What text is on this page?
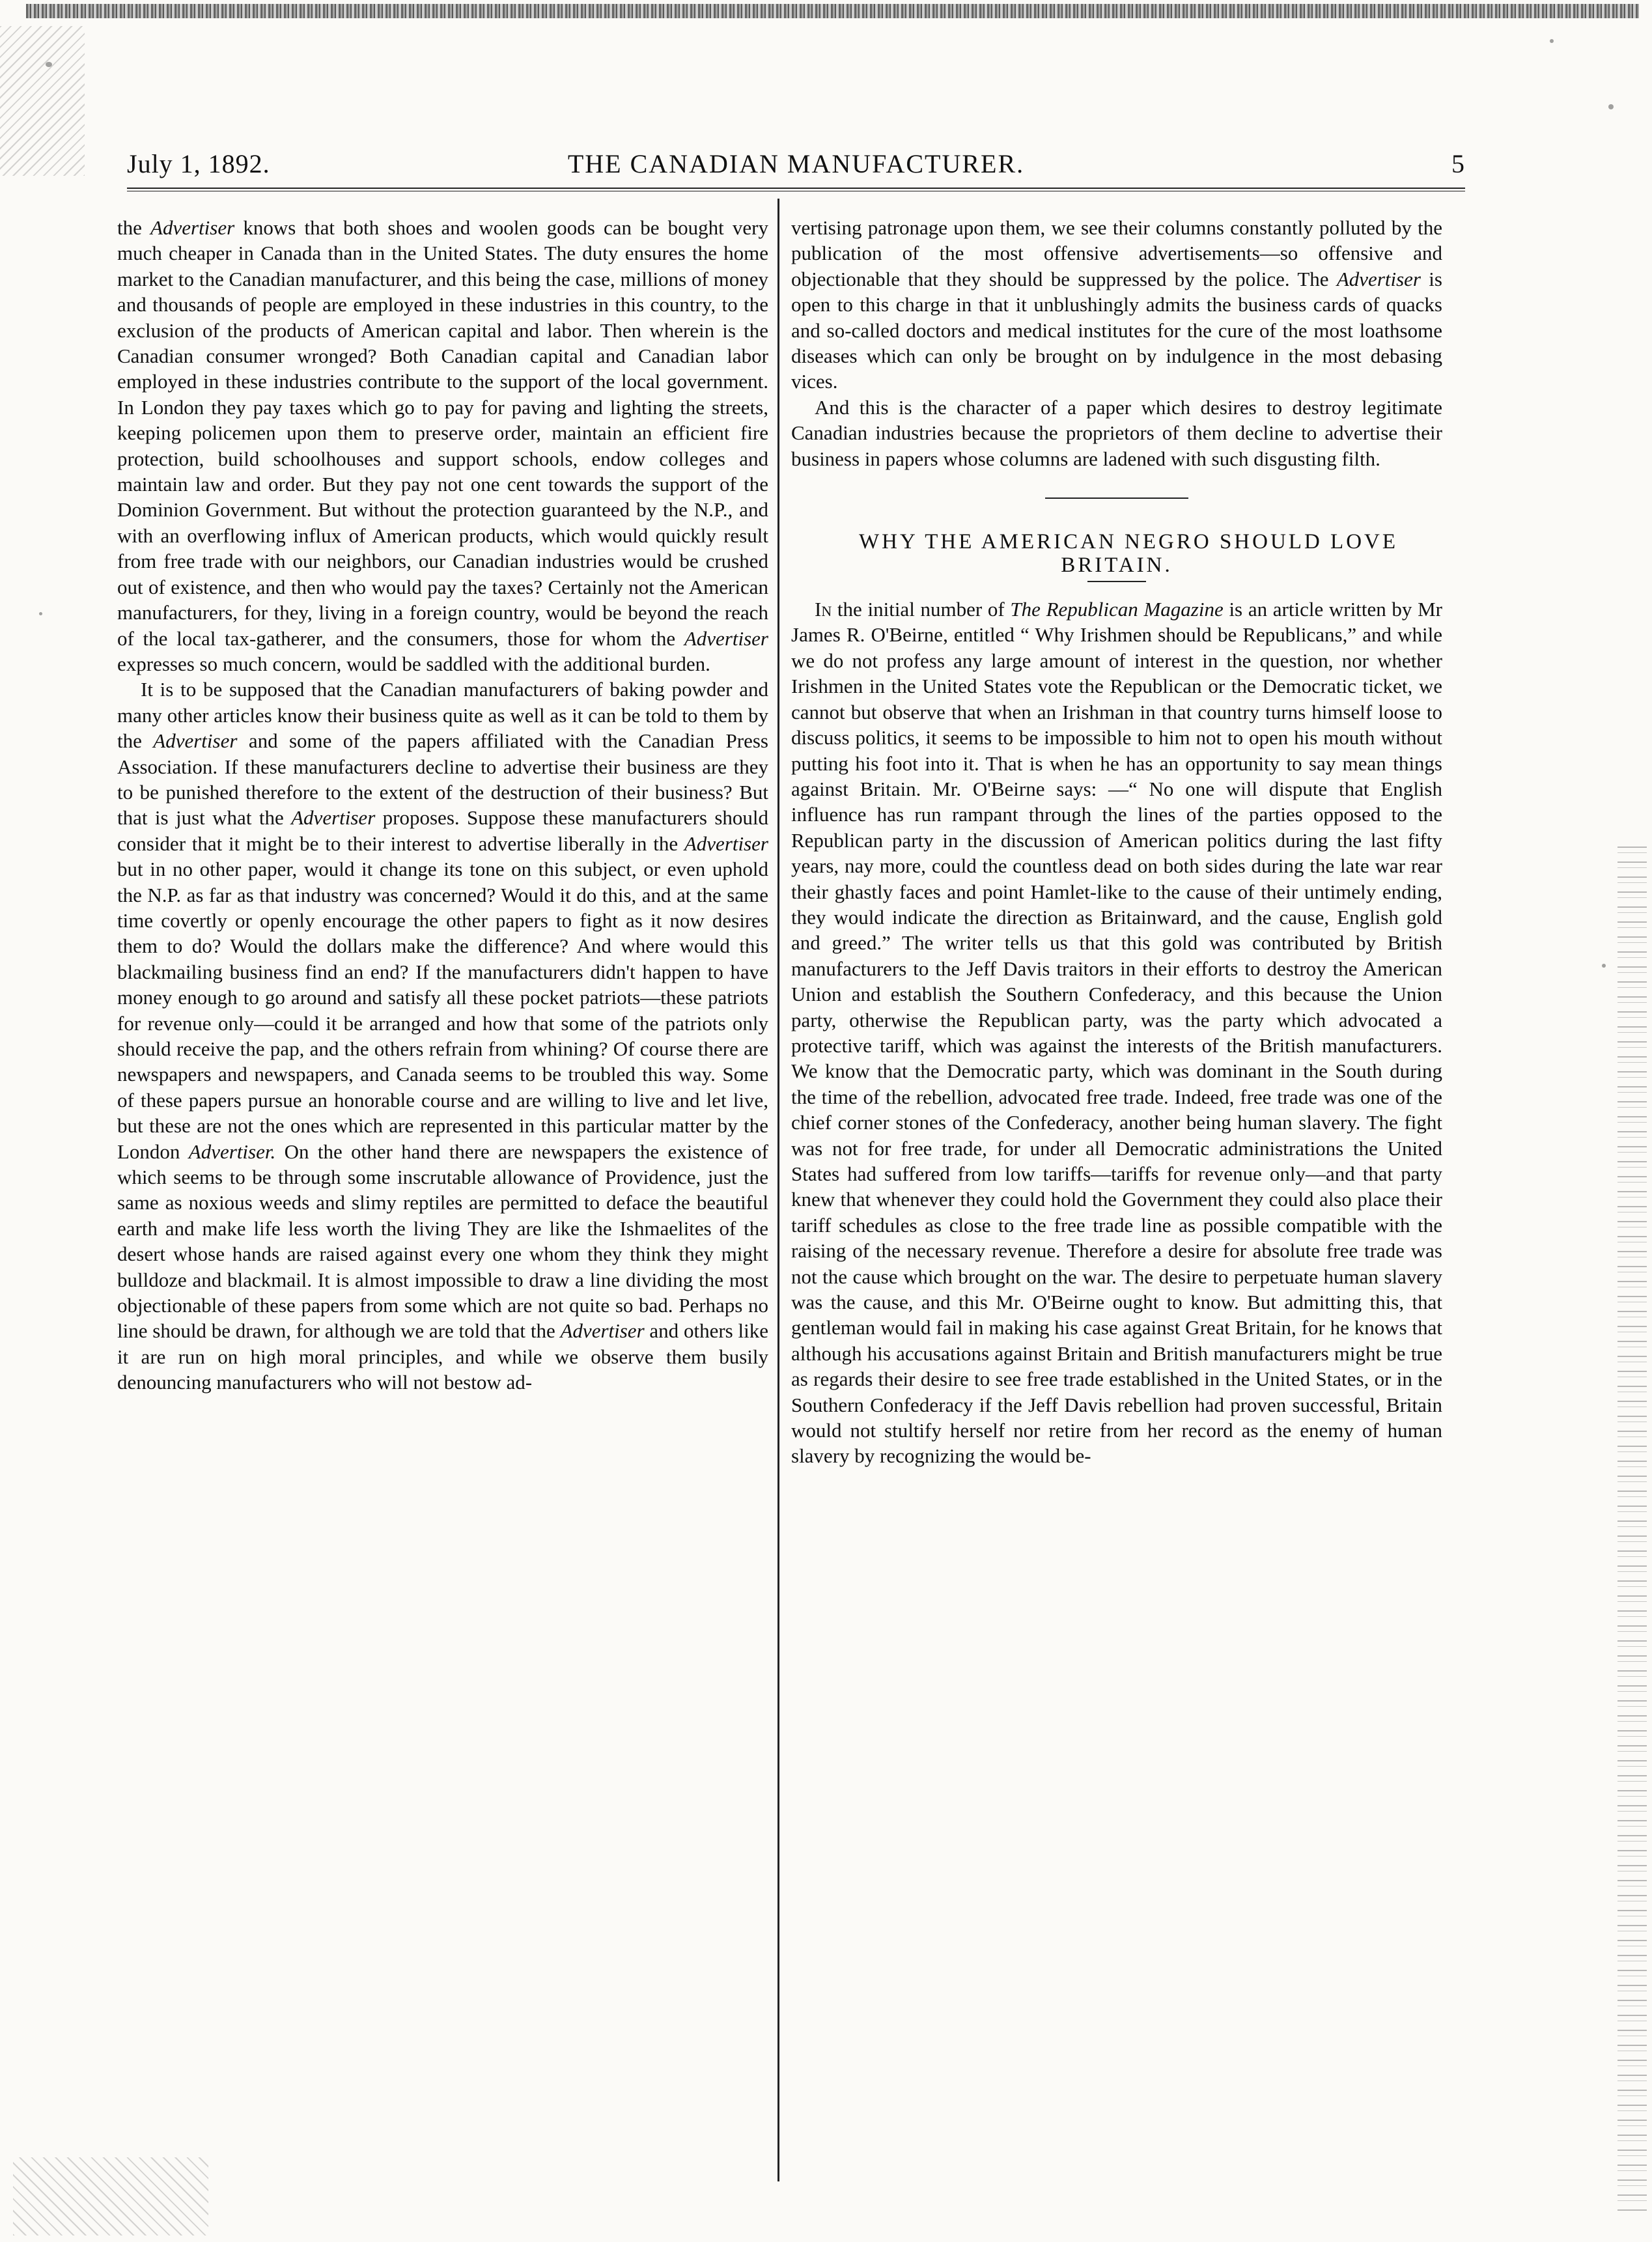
July 1, 1892.	THE CANADIAN MANUFACTURER.	5

the Advertiser knows that both shoes and woolen goods can be bought very much cheaper in Canada than in the United States. The duty ensures the home market to the Canadian manufacturer, and this being the case, millions of money and thousands of people are employed in these industries in this country, to the exclusion of the products of American capital and labor. Then wherein is the Canadian consumer wronged? Both Canadian capital and Canadian labor employed in these industries contribute to the support of the local government. In London they pay taxes which go to pay for paving and lighting the streets, keeping policemen upon them to preserve order, maintain an efficient fire protection, build schoolhouses and support schools, endow colleges and maintain law and order. But they pay not one cent towards the support of the Dominion Government. But without the protection guaranteed by the N.P., and with an overflowing influx of American products, which would quickly result from free trade with our neighbors, our Canadian industries would be crushed out of existence, and then who would pay the taxes? Certainly not the American manufacturers, for they, living in a foreign country, would be beyond the reach of the local tax-gatherer, and the consumers, those for whom the Advertiser expresses so much concern, would be saddled with the additional burden.

It is to be supposed that the Canadian manufacturers of baking powder and many other articles know their business quite as well as it can be told to them by the Advertiser and some of the papers affiliated with the Canadian Press Association. If these manufacturers decline to advertise their business are they to be punished therefore to the extent of the destruction of their business? But that is just what the Advertiser proposes. Suppose these manufacturers should consider that it might be to their interest to advertise liberally in the Advertiser but in no other paper, would it change its tone on this subject, or even uphold the N.P. as far as that industry was concerned? Would it do this, and at the same time covertly or openly encourage the other papers to fight as it now desires them to do? Would the dollars make the difference? And where would this blackmailing business find an end? If the manufacturers didn't happen to have money enough to go around and satisfy all these pocket patriots—these patriots for revenue only—could it be arranged and how that some of the patriots only should receive the pap, and the others refrain from whining? Of course there are newspapers and newspapers, and Canada seems to be troubled this way. Some of these papers pursue an honorable course and are willing to live and let live, but these are not the ones which are represented in this particular matter by the London Advertiser. On the other hand there are newspapers the existence of which seems to be through some inscrutable allowance of Providence, just the same as noxious weeds and slimy reptiles are permitted to deface the beautiful earth and make life less worth the living They are like the Ishmaelites of the desert whose hands are raised against every one whom they think they might bulldoze and blackmail. It is almost impossible to draw a line dividing the most objectionable of these papers from some which are not quite so bad. Perhaps no line should be drawn, for although we are told that the Advertiser and others like it are run on high moral principles, and while we observe them busily denouncing manufacturers who will not bestow ad-

vertising patronage upon them, we see their columns constantly polluted by the publication of the most offensive advertisements—so offensive and objectionable that they should be suppressed by the police. The Advertiser is open to this charge in that it unblushingly admits the business cards of quacks and so-called doctors and medical institutes for the cure of the most loathsome diseases which can only be brought on by indulgence in the most debasing vices.

And this is the character of a paper which desires to destroy legitimate Canadian industries because the proprietors of them decline to advertise their business in papers whose columns are ladened with such disgusting filth.

WHY THE AMERICAN NEGRO SHOULD LOVE
BRITAIN.

In the initial number of The Republican Magazine is an article written by Mr James R. O'Beirne, entitled “ Why Irishmen should be Republicans,” and while we do not profess any large amount of interest in the question, nor whether Irishmen in the United States vote the Republican or the Democratic ticket, we cannot but observe that when an Irishman in that country turns himself loose to discuss politics, it seems to be impossible to him not to open his mouth without putting his foot into it. That is when he has an opportunity to say mean things against Britain. Mr. O'Beirne says: —“ No one will dispute that English influence has run rampant through the lines of the parties opposed to the Republican party in the discussion of American politics during the last fifty years, nay more, could the countless dead on both sides during the late war rear their ghastly faces and point Hamlet-like to the cause of their untimely ending, they would indicate the direction as Britainward, and the cause, English gold and greed.” The writer tells us that this gold was contributed by British manufacturers to the Jeff Davis traitors in their efforts to destroy the American Union and establish the Southern Confederacy, and this because the Union party, otherwise the Republican party, was the party which advocated a protective tariff, which was against the interests of the British manufacturers. We know that the Democratic party, which was dominant in the South during the time of the rebellion, advocated free trade. Indeed, free trade was one of the chief corner stones of the Confederacy, another being human slavery. The fight was not for free trade, for under all Democratic administrations the United States had suffered from low tariffs—tariffs for revenue only—and that party knew that whenever they could hold the Government they could also place their tariff schedules as close to the free trade line as possible compatible with the raising of the necessary revenue. Therefore a desire for absolute free trade was not the cause which brought on the war. The desire to perpetuate human slavery was the cause, and this Mr. O'Beirne ought to know. But admitting this, that gentleman would fail in making his case against Great Britain, for he knows that although his accusations against Britain and British manufacturers might be true as regards their desire to see free trade established in the United States, or in the Southern Confederacy if the Jeff Davis rebellion had proven successful, Britain would not stultify herself nor retire from her record as the enemy of human slavery by recognizing the would be-
